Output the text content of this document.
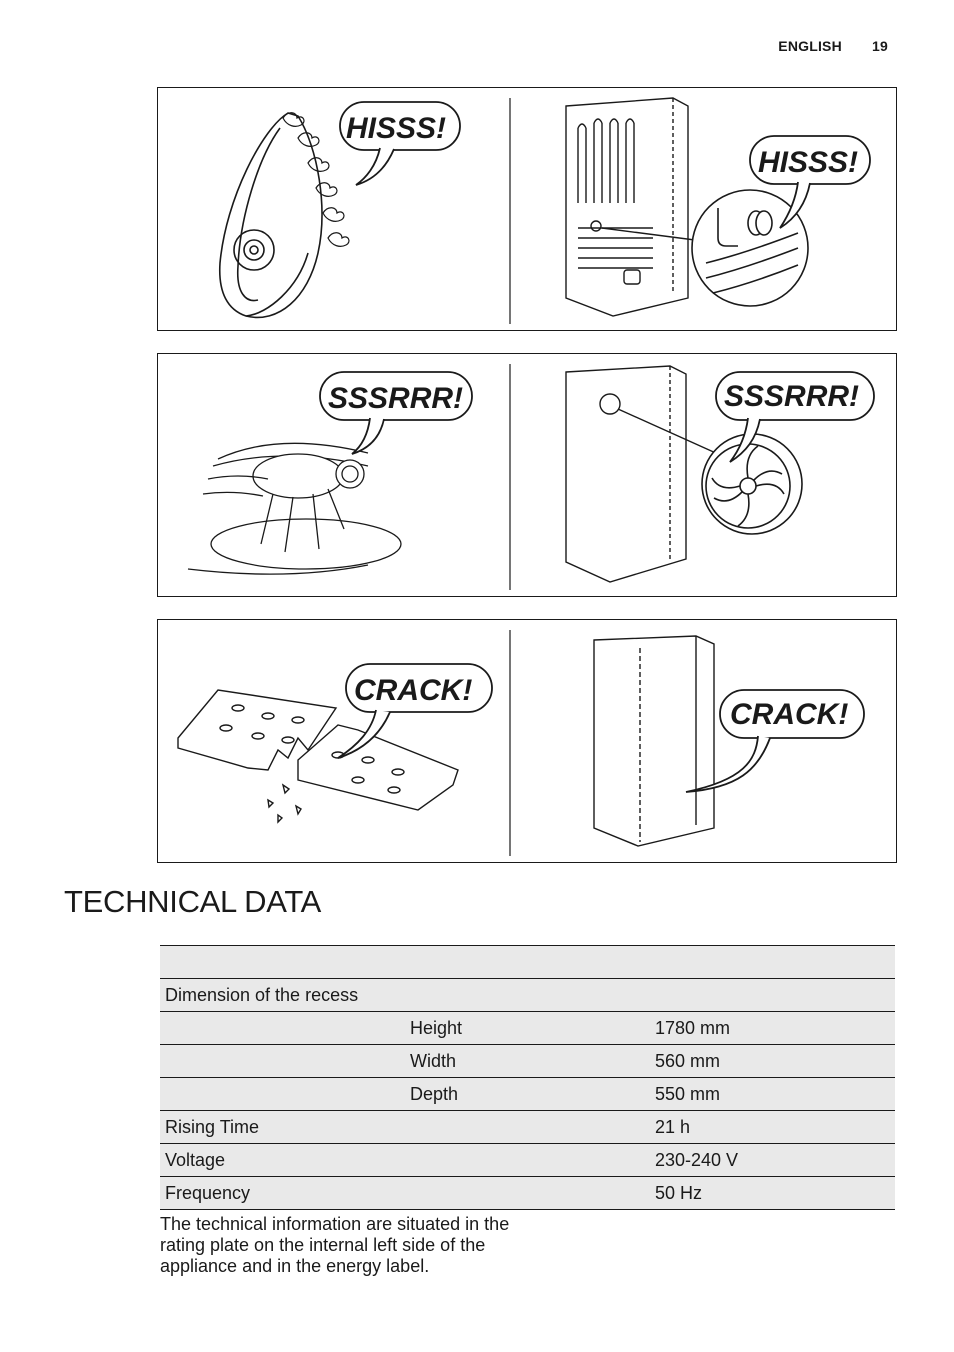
ENGLISH 19
HISSS!
HISSS!
SSSRRR!	SSSRRR!
CRACK!
CRACK!
TECHNICAL DATA

Dimension of the recess		
	Height	1780 mm
	Width	560 mm
	Depth	550 mm
Rising Time		21 h
Voltage		230-240 V
Frequency		50 Hz

The technical information are situated in the rating plate on the internal left side of the appliance and in the energy label.
